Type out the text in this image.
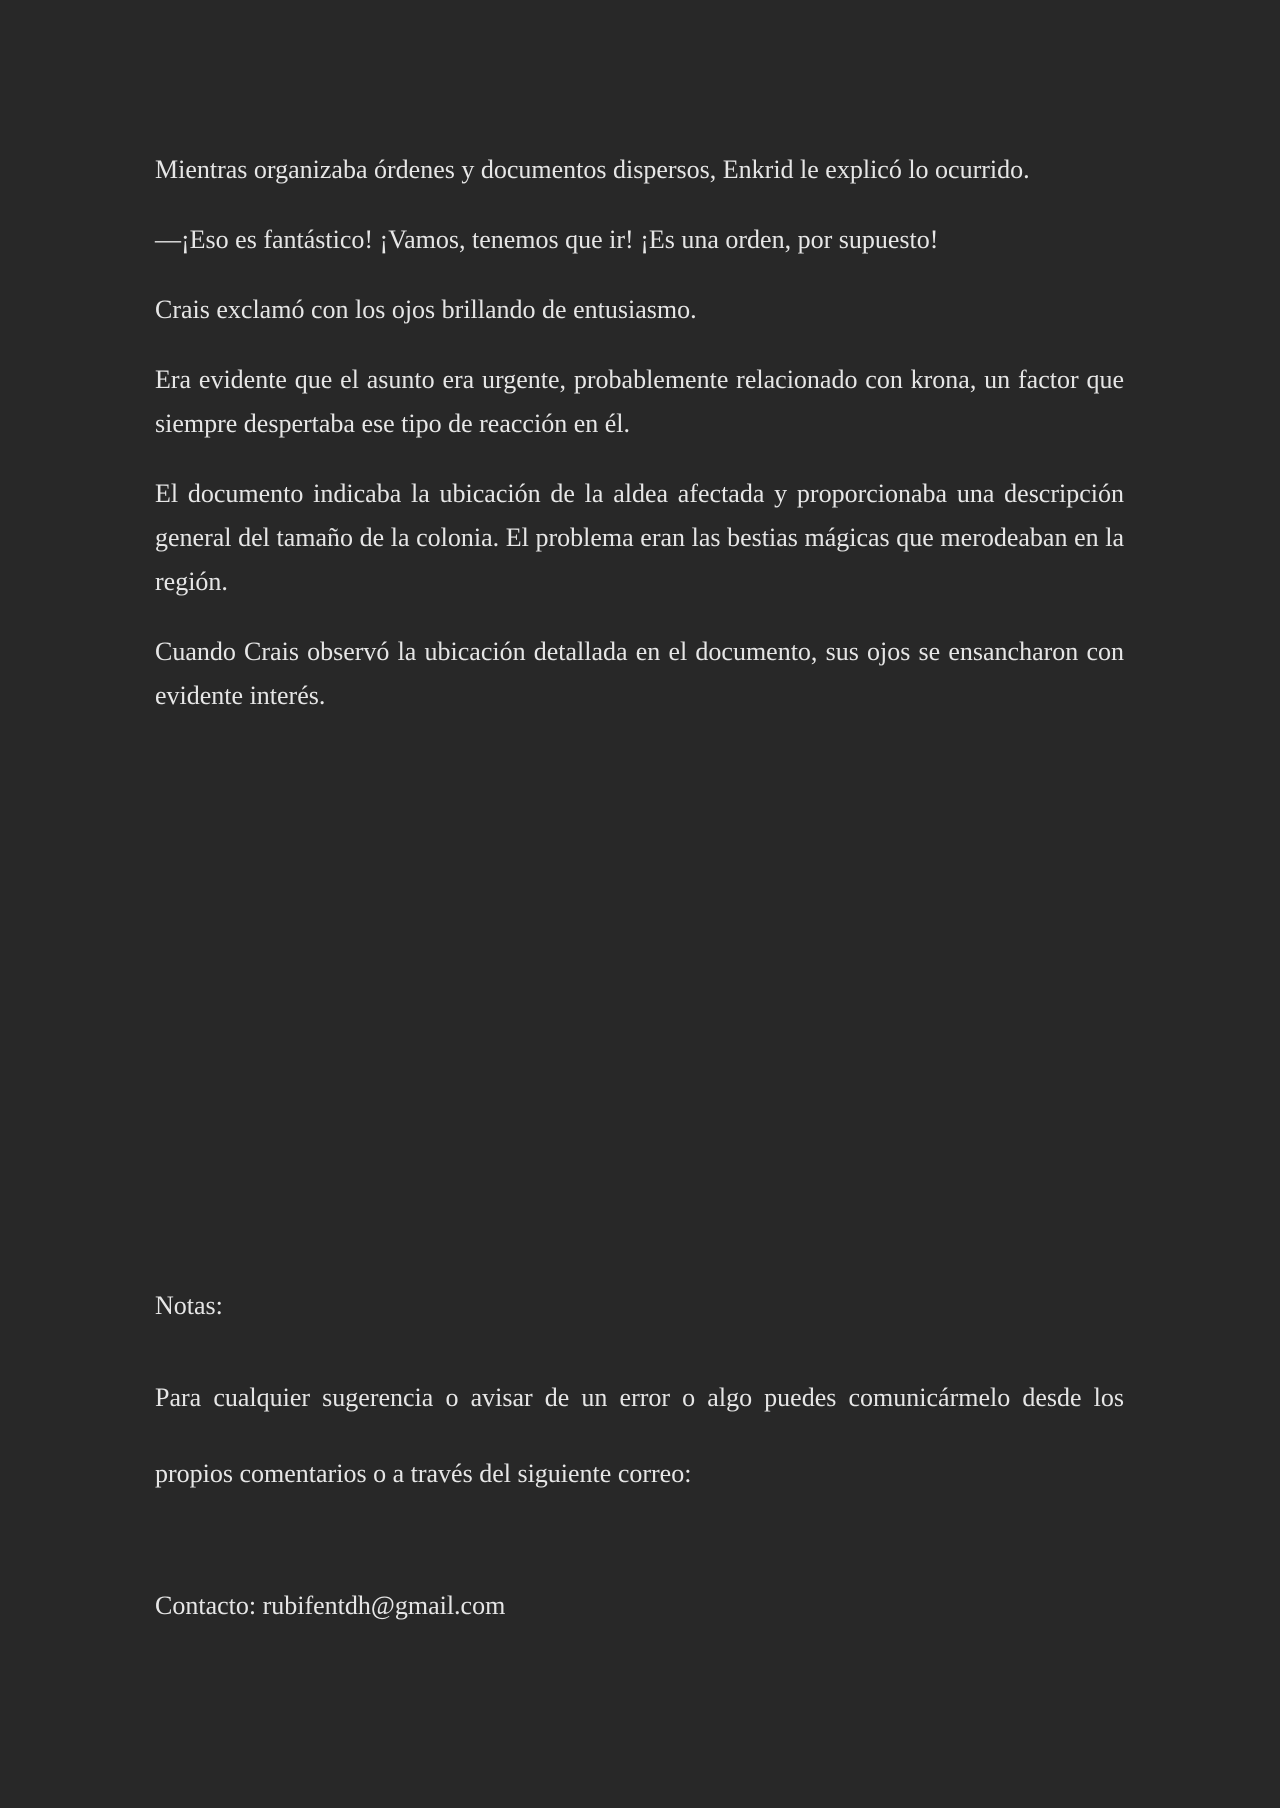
Mientras organizaba órdenes y documentos dispersos, Enkrid le explicó lo ocurrido.

—¡Eso es fantástico! ¡Vamos, tenemos que ir! ¡Es una orden, por supuesto!

Crais exclamó con los ojos brillando de entusiasmo.

Era evidente que el asunto era urgente, probablemente relacionado con krona, un factor que siempre despertaba ese tipo de reacción en él.

El documento indicaba la ubicación de la aldea afectada y proporcionaba una descripción general del tamaño de la colonia. El problema eran las bestias mágicas que merodeaban en la región.

Cuando Crais observó la ubicación detallada en el documento, sus ojos se ensancharon con evidente interés.

Notas:

Para cualquier sugerencia o avisar de un error o algo puedes comunicármelo desde los propios comentarios o a través del siguiente correo:

Contacto: rubifentdh@gmail.com
